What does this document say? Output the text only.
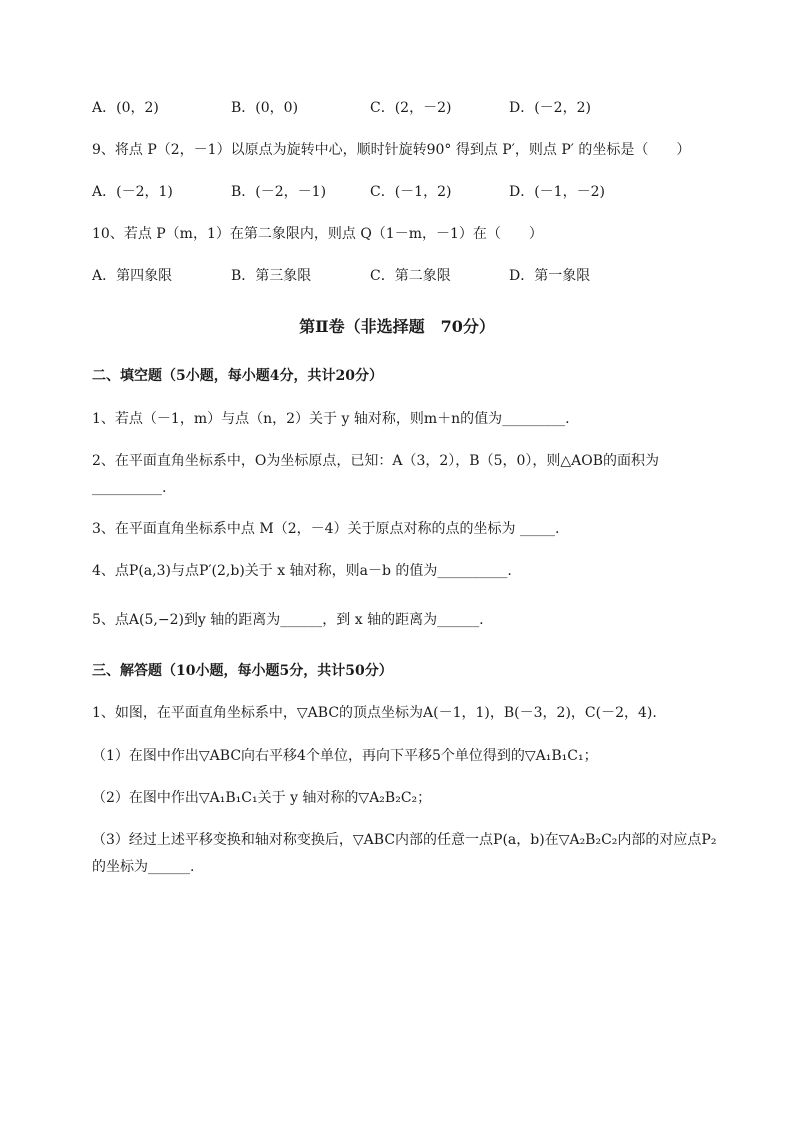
A．(0，2)	B．(0，0)	C．(2，－2)	D．(－2，2)
9、将点 P（2，－1）以原点为旋转中心，顺时针旋转90° 得到点 P′，则点 P′ 的坐标是（　　）
A．(－2，1)	B．(－2，－1)	C．(－1，2)	D．(－1，－2)
10、若点 P（m，1）在第二象限内，则点 Q（1－m，－1）在（　　）
A．第四象限	B．第三象限	C．第二象限	D．第一象限
第Ⅱ卷（非选择题　70分）
二、填空题（5小题，每小题4分，共计20分）
1、若点（－1，m）与点（n，2）关于 y 轴对称，则m＋n的值为_________.
2、在平面直角坐标系中，O为坐标原点，已知：A（3，2），B（5，0），则△AOB的面积为
__________.
3、在平面直角坐标系中点 M（2，－4）关于原点对称的点的坐标为 _____.
4、点P(a,3)与点P′(2,b)关于 x 轴对称，则a－b 的值为__________.
5、点A(5,−2)到y 轴的距离为______，到 x 轴的距离为______.
三、解答题（10小题，每小题5分，共计50分）
1、如图，在平面直角坐标系中，▽ABC的顶点坐标为A(－1，1)，B(－3，2)，C(－2，4).
（1）在图中作出▽ABC向右平移4个单位，再向下平移5个单位得到的▽A₁B₁C₁；
（2）在图中作出▽A₁B₁C₁关于 y 轴对称的▽A₂B₂C₂；
（3）经过上述平移变换和轴对称变换后，▽ABC内部的任意一点P(a，b)在▽A₂B₂C₂内部的对应点P₂
的坐标为______.
